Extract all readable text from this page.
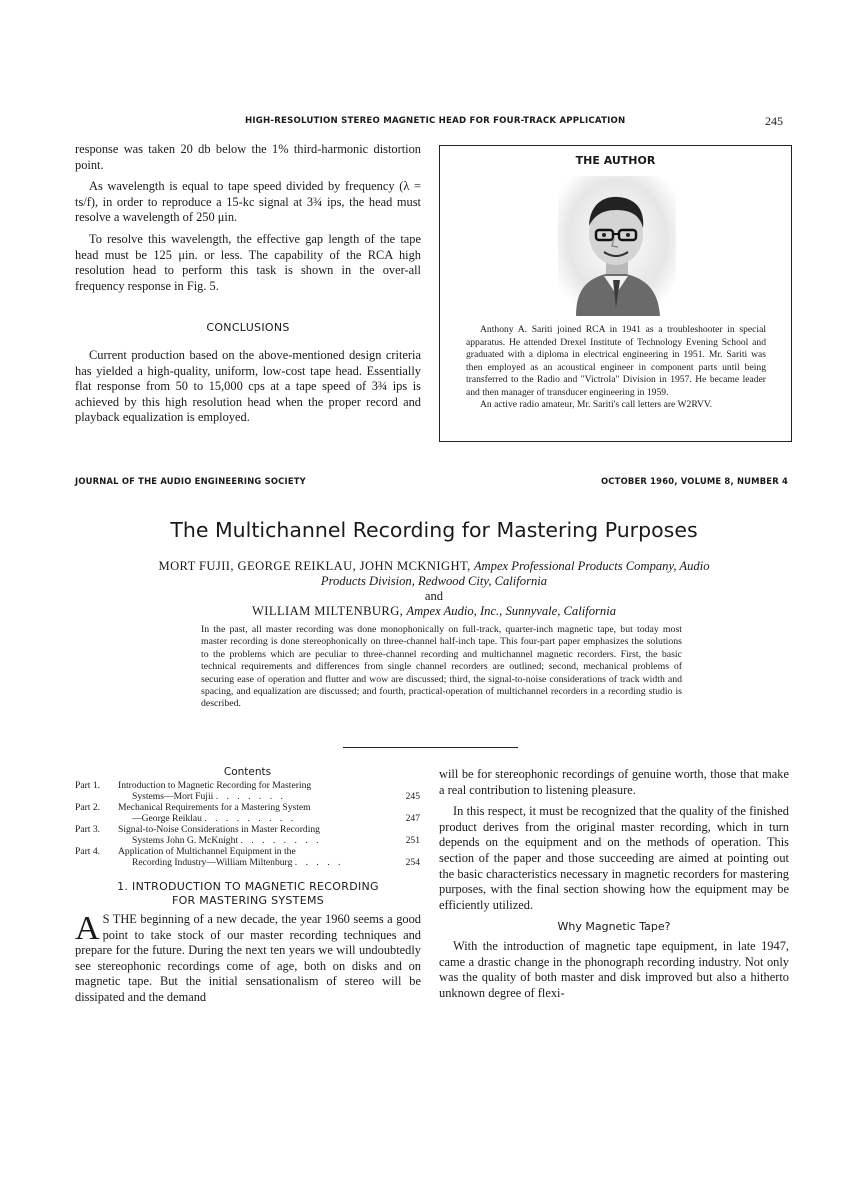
HIGH-RESOLUTION STEREO MAGNETIC HEAD FOR FOUR-TRACK APPLICATION	245

response was taken 20 db below the 1% third-harmonic distortion point.

As wavelength is equal to tape speed divided by frequency (λ = ts/f), in order to reproduce a 15-kc signal at 3¾ ips, the head must resolve a wavelength of 250 μin.

To resolve this wavelength, the effective gap length of the tape head must be 125 μin. or less. The capability of the RCA high resolution head to perform this task is shown in the over-all frequency response in Fig. 5.

CONCLUSIONS

Current production based on the above-mentioned design criteria has yielded a high-quality, uniform, low-cost tape head. Essentially flat response from 50 to 15,000 cps at a tape speed of 3¾ ips is achieved by this high resolution head when the proper record and playback equalization is employed.

THE AUTHOR

Anthony A. Sariti joined RCA in 1941 as a troubleshooter in special apparatus. He attended Drexel Institute of Technology Evening School and graduated with a diploma in electrical engineering in 1951. Mr. Sariti was then employed as an acoustical engineer in component parts until being transferred to the Radio and "Victrola" Division in 1957. He became leader and then manager of transducer engineering in 1959.

An active radio amateur, Mr. Sariti's call letters are W2RVV.

JOURNAL OF THE AUDIO ENGINEERING SOCIETY	OCTOBER 1960, VOLUME 8, NUMBER 4
The Multichannel Recording for Mastering Purposes
MORT FUJII, GEORGE REIKLAU, JOHN MCKNIGHT, Ampex Professional Products Company, Audio Products Division, Redwood City, California
and
WILLIAM MILTENBURG, Ampex Audio, Inc., Sunnyvale, California
In the past, all master recording was done monophonically on full-track, quarter-inch magnetic tape, but today most master recording is done stereophonically on three-channel half-inch tape. This four-part paper emphasizes the solutions to the problems which are peculiar to three-channel recording and multichannel magnetic recorders. First, the basic technical requirements and differences from single channel recorders are outlined; second, mechanical problems of securing ease of operation and flutter and wow are discussed; third, the signal-to-noise considerations of track width and spacing, and equalization are discussed; and fourth, practical-operation of multichannel recorders in a recording studio is described.
Contents
Part 1.	Introduction to Magnetic Recording for Mastering
Systems—Mort Fujii . . . . . . .	245
Part 2.	Mechanical Requirements for a Mastering System
—George Reiklau . . . . . . . . .	247
Part 3.	Signal-to-Noise Considerations in Master Recording
Systems John G. McKnight . . . . . . . .	251
Part 4.	Application of Multichannel Equipment in the
Recording Industry—William Miltenburg . . . . .	254
1. INTRODUCTION TO MAGNETIC RECORDING
FOR MASTERING SYSTEMS

A S THE beginning of a new decade, the year 1960 seems a good point to take stock of our master recording techniques and prepare for the future. During the next ten years we will undoubtedly see stereophonic recordings come of age, both on disks and on magnetic tape. But the initial sensationalism of stereo will be dissipated and the demand

will be for stereophonic recordings of genuine worth, those that make a real contribution to listening pleasure.

In this respect, it must be recognized that the quality of the finished product derives from the original master recording, which in turn depends on the equipment and on the methods of operation. This section of the paper and those succeeding are aimed at pointing out the basic characteristics necessary in magnetic recorders for mastering purposes, with the final section showing how the equipment may be efficiently utilized.

Why Magnetic Tape?

With the introduction of magnetic tape equipment, in late 1947, came a drastic change in the phonograph recording industry. Not only was the quality of both master and disk improved but also a hitherto unknown degree of flexi-
